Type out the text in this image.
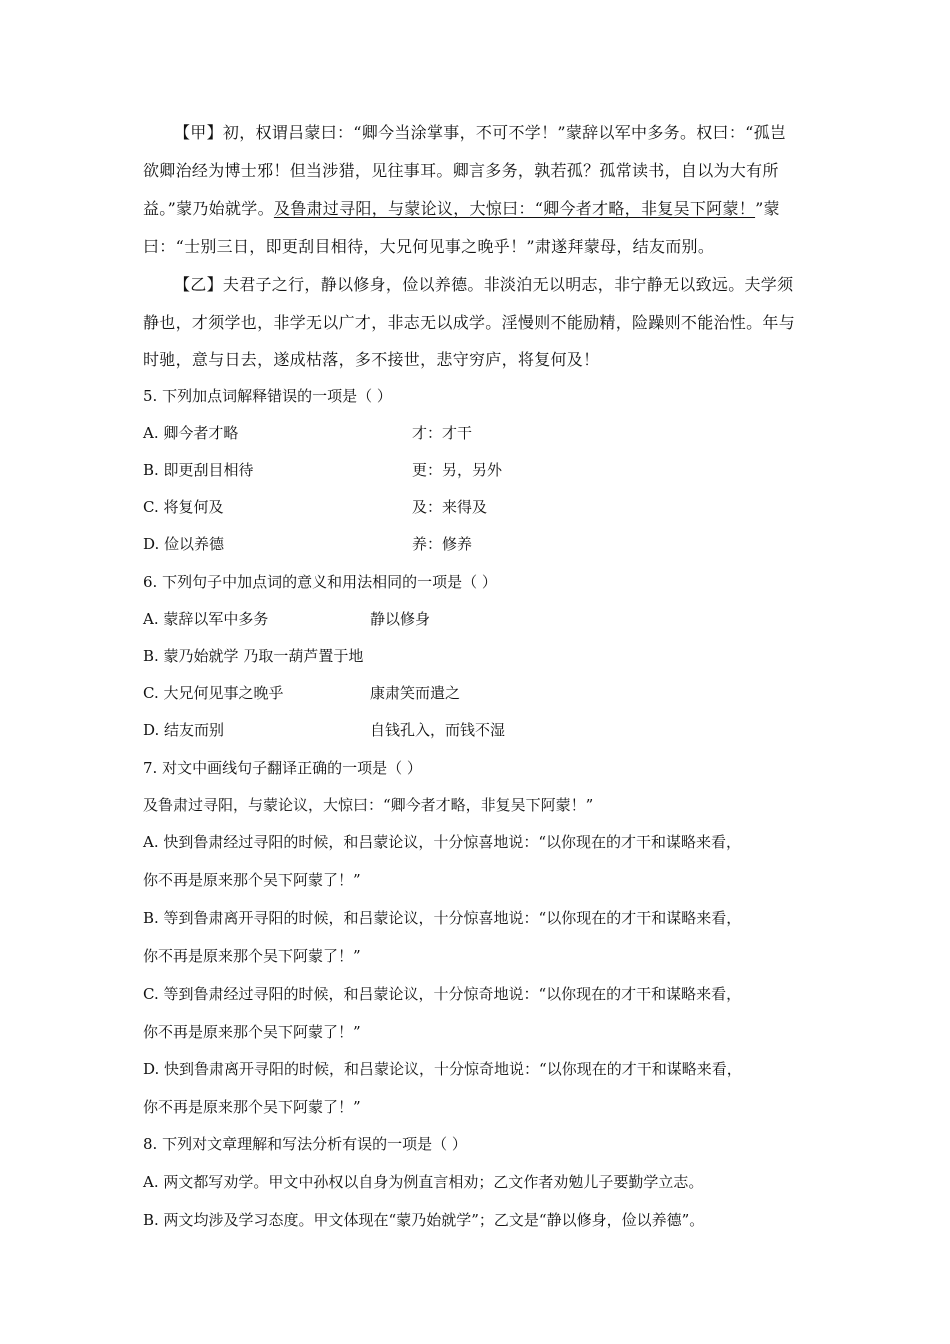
【甲】初，权谓吕蒙曰：“卿今当涂掌事，不可不学！”蒙辞以军中多务。权曰：“孤岂
欲卿治经为博士邪！但当涉猎，见往事耳。卿言多务，孰若孤？孤常读书，自以为大有所
益。”蒙乃始就学。及鲁肃过寻阳，与蒙论议，大惊曰：“卿今者才略，非复吴下阿蒙！”蒙
曰：“士别三日，即更刮目相待，大兄何见事之晚乎！”肃遂拜蒙母，结友而别。
【乙】夫君子之行，静以修身，俭以养德。非淡泊无以明志，非宁静无以致远。夫学须
静也，才须学也，非学无以广才，非志无以成学。淫慢则不能励精，险躁则不能治性。年与
时驰，意与日去，遂成枯落，多不接世，悲守穷庐，将复何及！
5. 下列加点词解释错误的一项是（ ）
A. 卿今者才略	才：才干
B. 即更刮目相待	更：另，另外
C. 将复何及	及：来得及
D. 俭以养德	养：修养
6. 下列句子中加点词的意义和用法相同的一项是（ ）
A. 蒙辞以军中多务	静以修身
B. 蒙乃始就学 乃取一葫芦置于地
C. 大兄何见事之晚乎	康肃笑而遣之
D. 结友而别	自钱孔入，而钱不湿
7. 对文中画线句子翻译正确的一项是（ ）
及鲁肃过寻阳，与蒙论议，大惊曰：“卿今者才略，非复吴下阿蒙！”
A. 快到鲁肃经过寻阳的时候，和吕蒙论议，十分惊喜地说：“以你现在的才干和谋略来看，
你不再是原来那个吴下阿蒙了！”
B. 等到鲁肃离开寻阳的时候，和吕蒙论议，十分惊喜地说：“以你现在的才干和谋略来看，
你不再是原来那个吴下阿蒙了！”
C. 等到鲁肃经过寻阳的时候，和吕蒙论议，十分惊奇地说：“以你现在的才干和谋略来看，
你不再是原来那个吴下阿蒙了！”
D. 快到鲁肃离开寻阳的时候，和吕蒙论议，十分惊奇地说：“以你现在的才干和谋略来看，
你不再是原来那个吴下阿蒙了！”
8. 下列对文章理解和写法分析有误的一项是（ ）
A. 两文都写劝学。甲文中孙权以自身为例直言相劝；乙文作者劝勉儿子要勤学立志。
B. 两文均涉及学习态度。甲文体现在“蒙乃始就学”；乙文是“静以修身，俭以养德”。
